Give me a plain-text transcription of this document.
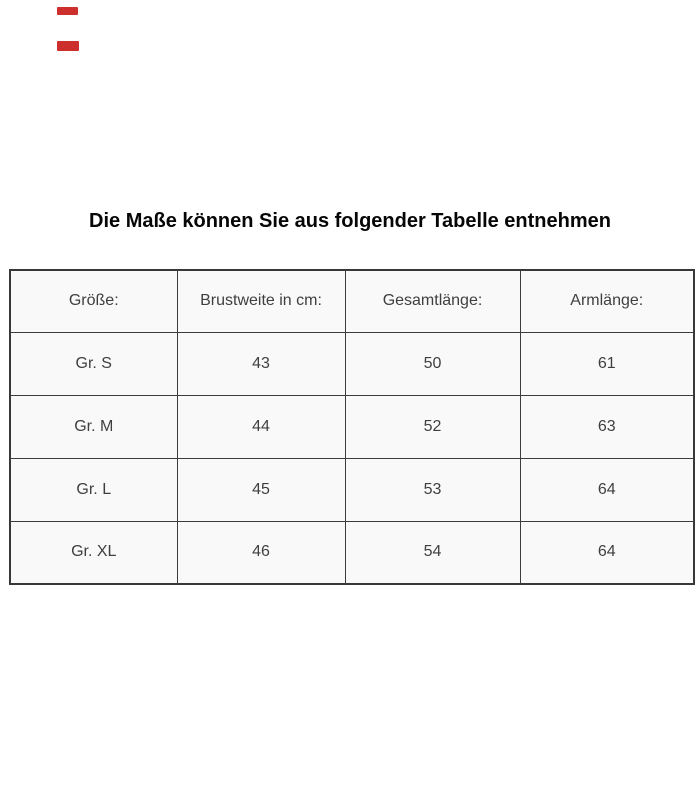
Die Maße können Sie aus folgender Tabelle entnehmen
Größe:	Brustweite in cm:	Gesamtlänge:	Armlänge:
Gr. S	43	50	61
Gr. M	44	52	63
Gr. L	45	53	64
Gr. XL	46	54	64
